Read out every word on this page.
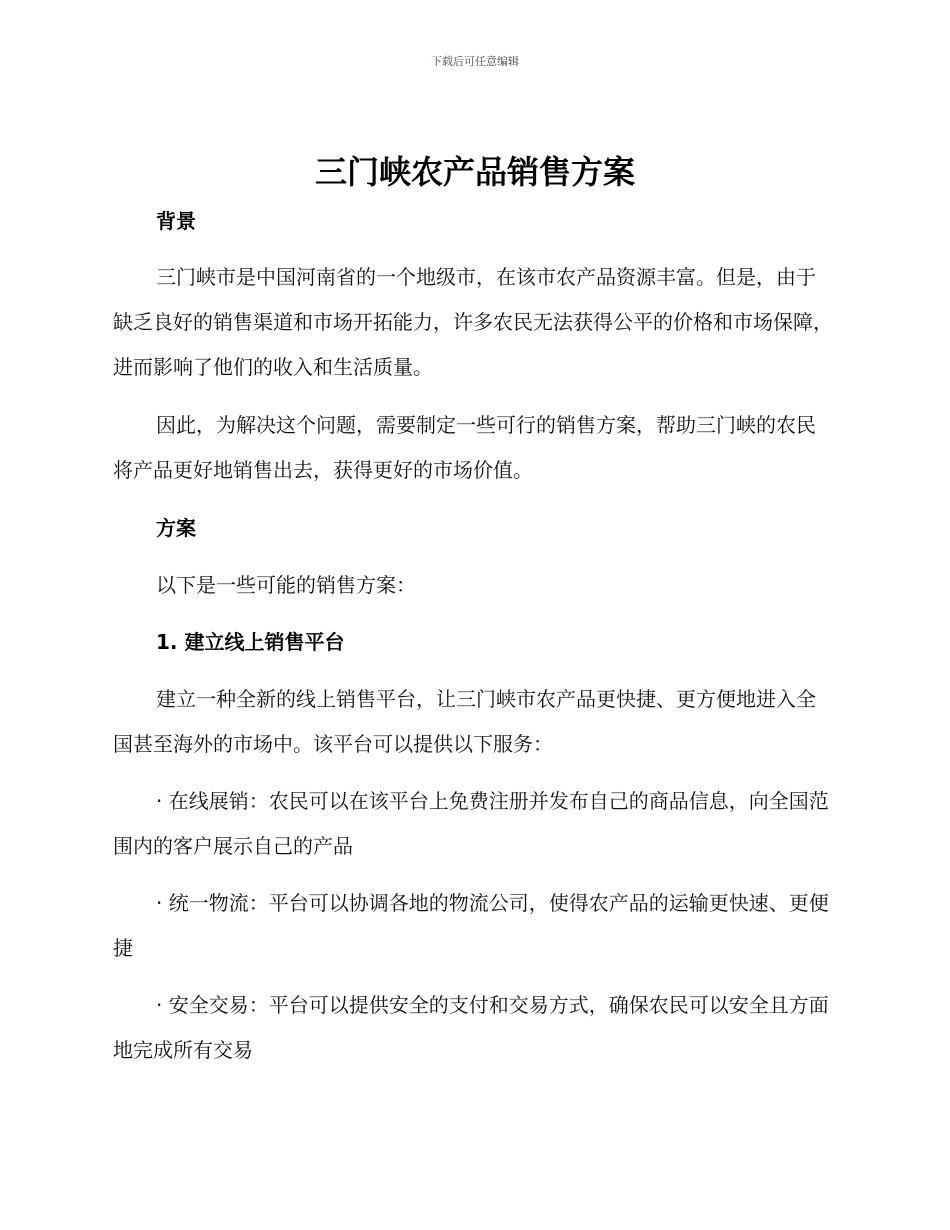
下载后可任意编辑
三门峡农产品销售方案
背景

三门峡市是中国河南省的一个地级市，在该市农产品资源丰富。但是，由于缺乏良好的销售渠道和市场开拓能力，许多农民无法获得公平的价格和市场保障，进而影响了他们的收入和生活质量。

因此，为解决这个问题，需要制定一些可行的销售方案，帮助三门峡的农民将产品更好地销售出去，获得更好的市场价值。

方案

以下是一些可能的销售方案：

1. 建立线上销售平台

建立一种全新的线上销售平台，让三门峡市农产品更快捷、更方便地进入全国甚至海外的市场中。该平台可以提供以下服务：

· 在线展销：农民可以在该平台上免费注册并发布自己的商品信息，向全国范围内的客户展示自己的产品

· 统一物流：平台可以协调各地的物流公司，使得农产品的运输更快速、更便捷

· 安全交易：平台可以提供安全的支付和交易方式，确保农民可以安全且方面地完成所有交易
